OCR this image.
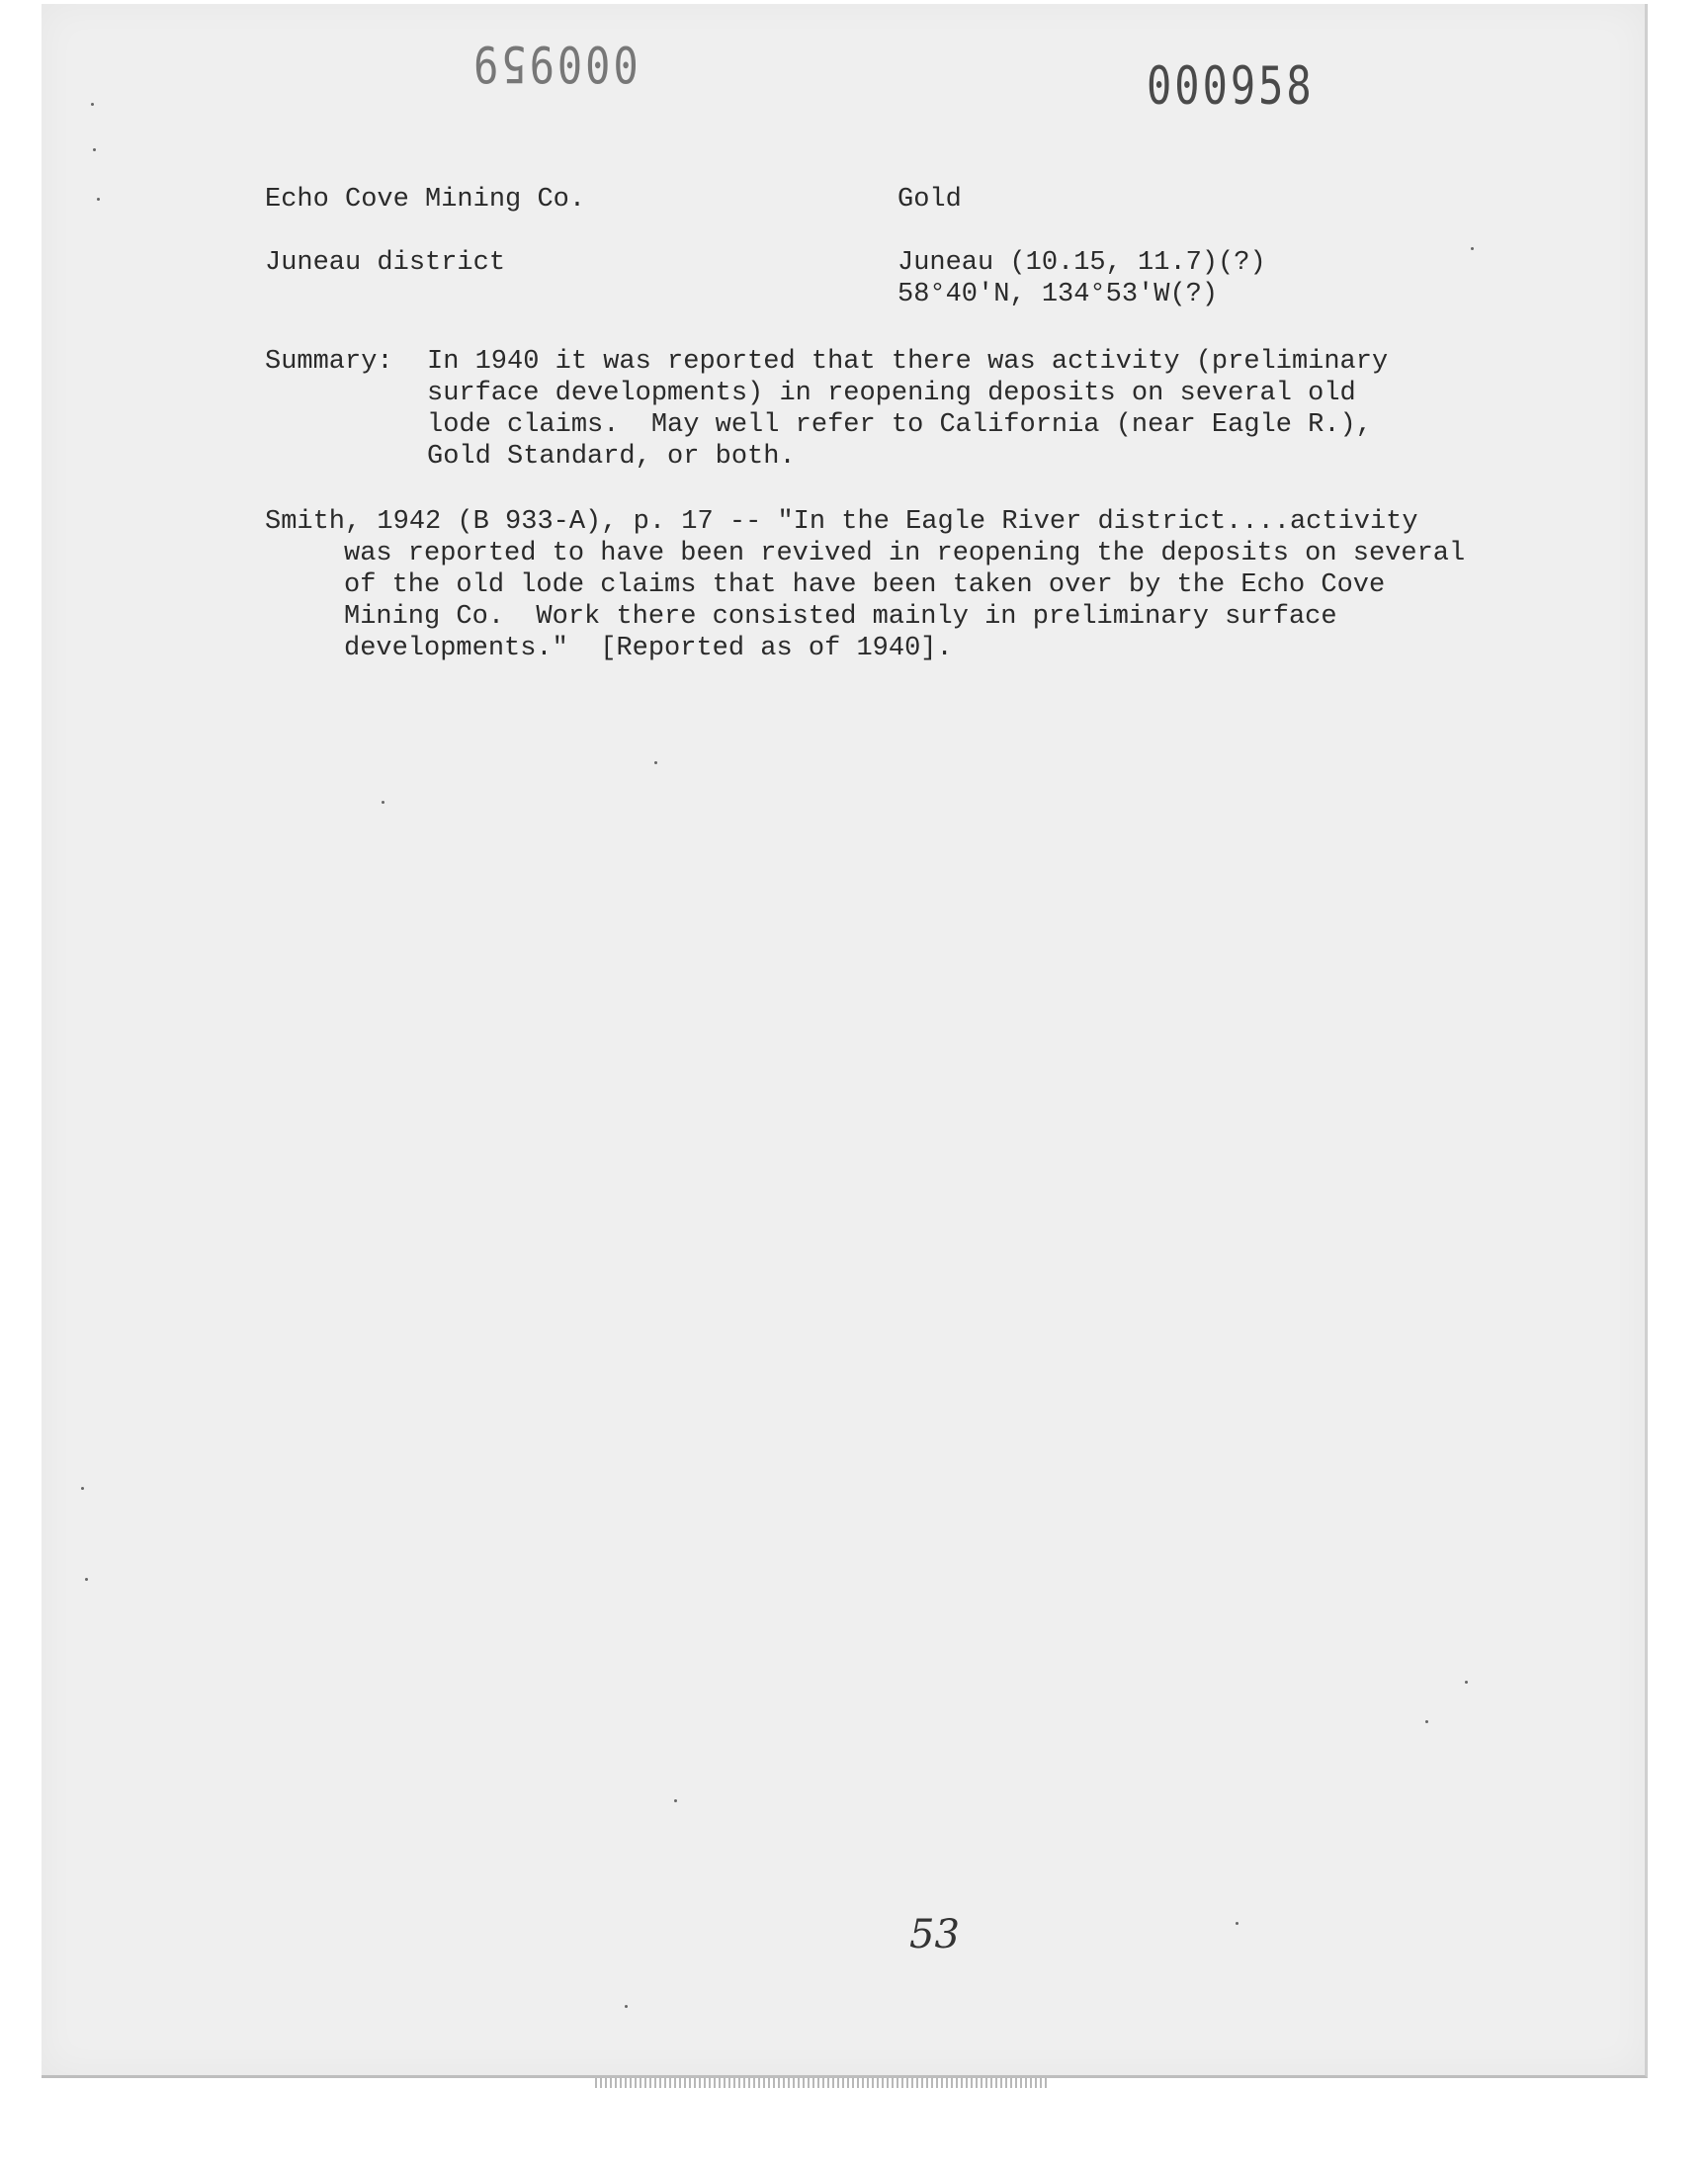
000959	000958
Echo Cove Mining Co.	Gold
Juneau district	Juneau (10.15, 11.7)(?)
58°40'N, 134°53'W(?)
Summary: In 1940 it was reported that there was activity (preliminary
surface developments) in reopening deposits on several old
lode claims.  May well refer to California (near Eagle R.),
Gold Standard, or both.
Smith, 1942 (B 933-A), p. 17 -- "In the Eagle River district....activity
was reported to have been revived in reopening the deposits on several
of the old lode claims that have been taken over by the Echo Cove
Mining Co.  Work there consisted mainly in preliminary surface
developments."  [Reported as of 1940].
53
